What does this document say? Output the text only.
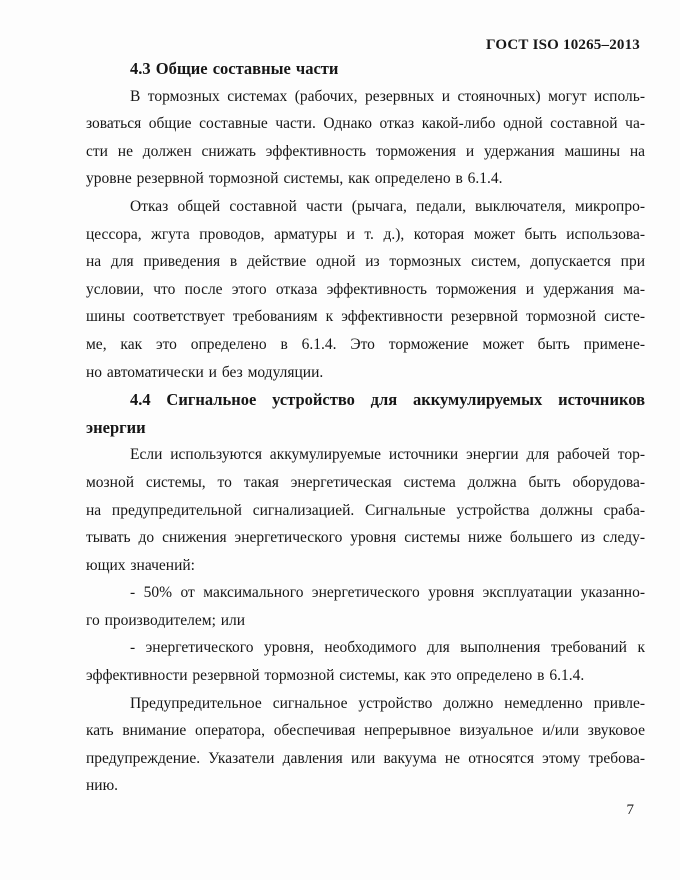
ГОСТ ISO 10265–2013
4.3 Общие составные части
В тормозных системах (рабочих, резервных и стояночных) могут исполь-
зоваться общие составные части. Однако отказ какой-либо одной составной ча-
сти не должен снижать эффективность торможения и удержания машины на
уровне резервной тормозной системы, как определено в 6.1.4.
Отказ общей составной части (рычага, педали, выключателя, микропро-
цессора, жгута проводов, арматуры и т. д.), которая может быть использова-
на для приведения в действие одной из тормозных систем, допускается при
условии, что после этого отказа эффективность торможения и удержания ма-
шины соответствует требованиям к эффективности резервной тормозной систе-
ме, как это определено в 6.1.4. Это торможение может быть примене-
но автоматически и без модуляции.
4.4 Сигнальное устройство для аккумулируемых источников
энергии
Если используются аккумулируемые источники энергии для рабочей тор-
мозной системы, то такая энергетическая система должна быть оборудова-
на предупредительной сигнализацией. Сигнальные устройства должны сраба-
тывать до снижения энергетического уровня системы ниже большего из следу-
ющих значений:
- 50% от максимального энергетического уровня эксплуатации указанно-
го производителем; или
- энергетического уровня, необходимого для выполнения требований к
эффективности резервной тормозной системы, как это определено в 6.1.4.
Предупредительное сигнальное устройство должно немедленно привле-
кать внимание оператора, обеспечивая непрерывное визуальное и/или звуковое
предупреждение. Указатели давления или вакуума не относятся этому требова-
нию.
7
